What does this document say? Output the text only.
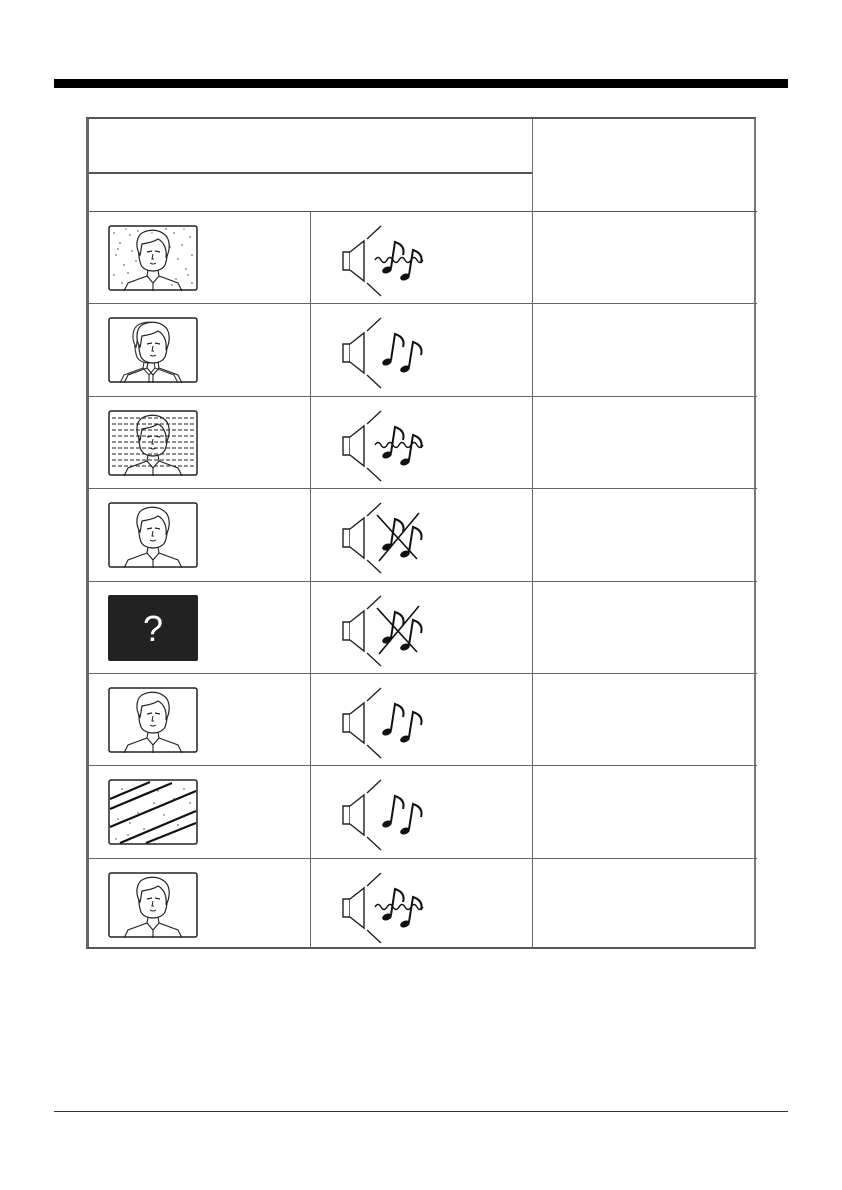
?
